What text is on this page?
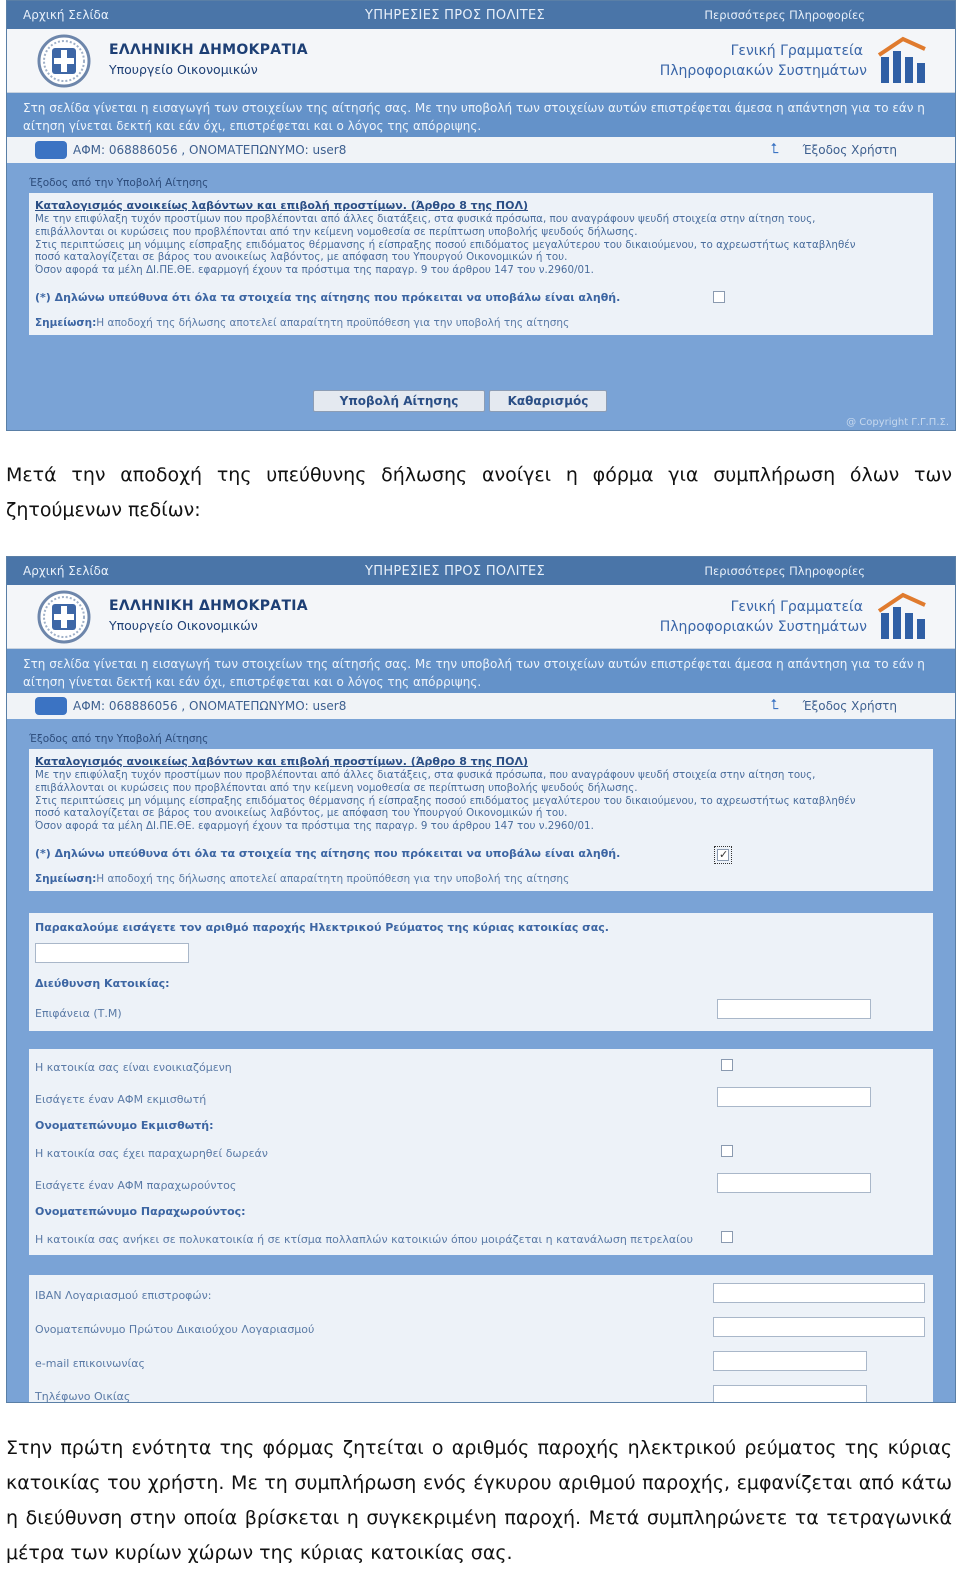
Αρχική Σελίδα	ΥΠΗΡΕΣΙΕΣ ΠΡΟΣ ΠΟΛΙΤΕΣ	Περισσότερες Πληροφορίες
ΕΛΛΗΝΙΚΗ ΔΗΜΟΚΡΑΤΙΑ
Υπουργείο Οικονομικών
Γενική Γραμματεία
Πληροφοριακών Συστημάτων
Στη σελίδα γίνεται η εισαγωγή των στοιχείων της αίτησής σας. Με την υποβολή των στοιχείων αυτών επιστρέφεται άμεσα η απάντηση για το εάν η αίτηση γίνεται δεκτή και εάν όχι, επιστρέφεται και ο λόγος της απόρριψης.
ΑΦΜ: 068886056 , ΟΝΟΜΑΤΕΠΩΝΥΜΟ: user8	⮤ Έξοδος Χρήστη
Έξοδος από την Υποβολή Αίτησης
Καταλογισμός ανοικείως λαβόντων και επιβολή προστίμων. (Άρθρο 8 της ΠΟΛ)
Με την επιφύλαξη τυχόν προστίμων που προβλέπονται από άλλες διατάξεις, στα φυσικά πρόσωπα, που αναγράφουν ψευδή στοιχεία στην αίτηση τους,
επιβάλλονται οι κυρώσεις που προβλέπονται από την κείμενη νομοθεσία σε περίπτωση υποβολής ψευδούς δήλωσης.
Στις περιπτώσεις μη νόμιμης είσπραξης επιδόματος θέρμανσης ή είσπραξης ποσού επιδόματος μεγαλύτερου του δικαιούμενου, το αχρεωστήτως καταβληθέν
ποσό καταλογίζεται σε βάρος του ανοικείως λαβόντος, με απόφαση του Υπουργού Οικονομικών ή του.
Όσον αφορά τα μέλη ΔΙ.ΠΕ.ΘΕ. εφαρμογή έχουν τα πρόστιμα της παραγρ. 9 του άρθρου 147 του ν.2960/01.
(*) Δηλώνω υπεύθυνα ότι όλα τα στοιχεία της αίτησης που πρόκειται να υποβάλω είναι αληθή.
Σημείωση:Η αποδοχή της δήλωσης αποτελεί απαραίτητη προϋπόθεση για την υποβολή της αίτησης
Υποβολή Αίτησης	Καθαρισμός
@ Copyright Γ.Γ.Π.Σ.
Μετά την αποδοχή της υπεύθυνης δήλωσης ανοίγει η φόρμα για συμπλήρωση όλων των ζητούμενων πεδίων:
Αρχική Σελίδα	ΥΠΗΡΕΣΙΕΣ ΠΡΟΣ ΠΟΛΙΤΕΣ	Περισσότερες Πληροφορίες
ΕΛΛΗΝΙΚΗ ΔΗΜΟΚΡΑΤΙΑ
Υπουργείο Οικονομικών
Γενική Γραμματεία
Πληροφοριακών Συστημάτων
Στη σελίδα γίνεται η εισαγωγή των στοιχείων της αίτησής σας. Με την υποβολή των στοιχείων αυτών επιστρέφεται άμεσα η απάντηση για το εάν η αίτηση γίνεται δεκτή και εάν όχι, επιστρέφεται και ο λόγος της απόρριψης.
ΑΦΜ: 068886056 , ΟΝΟΜΑΤΕΠΩΝΥΜΟ: user8	⮤ Έξοδος Χρήστη
Έξοδος από την Υποβολή Αίτησης
Καταλογισμός ανοικείως λαβόντων και επιβολή προστίμων. (Άρθρο 8 της ΠΟΛ)
Με την επιφύλαξη τυχόν προστίμων που προβλέπονται από άλλες διατάξεις, στα φυσικά πρόσωπα, που αναγράφουν ψευδή στοιχεία στην αίτηση τους,
επιβάλλονται οι κυρώσεις που προβλέπονται από την κείμενη νομοθεσία σε περίπτωση υποβολής ψευδούς δήλωσης.
Στις περιπτώσεις μη νόμιμης είσπραξης επιδόματος θέρμανσης ή είσπραξης ποσού επιδόματος μεγαλύτερου του δικαιούμενου, το αχρεωστήτως καταβληθέν
ποσό καταλογίζεται σε βάρος του ανοικείως λαβόντος, με απόφαση του Υπουργού Οικονομικών ή του.
Όσον αφορά τα μέλη ΔΙ.ΠΕ.ΘΕ. εφαρμογή έχουν τα πρόστιμα της παραγρ. 9 του άρθρου 147 του ν.2960/01.
(*) Δηλώνω υπεύθυνα ότι όλα τα στοιχεία της αίτησης που πρόκειται να υποβάλω είναι αληθή.
✓
Σημείωση:Η αποδοχή της δήλωσης αποτελεί απαραίτητη προϋπόθεση για την υποβολή της αίτησης
Παρακαλούμε εισάγετε τον αριθμό παροχής Ηλεκτρικού Ρεύματος της κύριας κατοικίας σας.
Διεύθυνση Κατοικίας:
Επιφάνεια (Τ.Μ)
Η κατοικία σας είναι ενοικιαζόμενη
Εισάγετε έναν ΑΦΜ εκμισθωτή
Ονοματεπώνυμο Εκμισθωτή:
Η κατοικία σας έχει παραχωρηθεί δωρεάν
Εισάγετε έναν ΑΦΜ παραχωρούντος
Ονοματεπώνυμο Παραχωρούντος:
Η κατοικία σας ανήκει σε πολυκατοικία ή σε κτίσμα πολλαπλών κατοικιών όπου μοιράζεται η κατανάλωση πετρελαίου
IBAN Λογαριασμού επιστροφών:
Ονοματεπώνυμο Πρώτου Δικαιούχου Λογαριασμού
e-mail επικοινωνίας
Τηλέφωνο Οικίας
Στην πρώτη ενότητα της φόρμας ζητείται ο αριθμός παροχής ηλεκτρικού ρεύματος της κύριας κατοικίας του χρήστη. Με τη συμπλήρωση ενός έγκυρου αριθμού παροχής, εμφανίζεται από κάτω η διεύθυνση στην οποία βρίσκεται η συγκεκριμένη παροχή. Μετά συμπληρώνετε τα τετραγωνικά μέτρα των κυρίων χώρων της κύριας κατοικίας σας.
